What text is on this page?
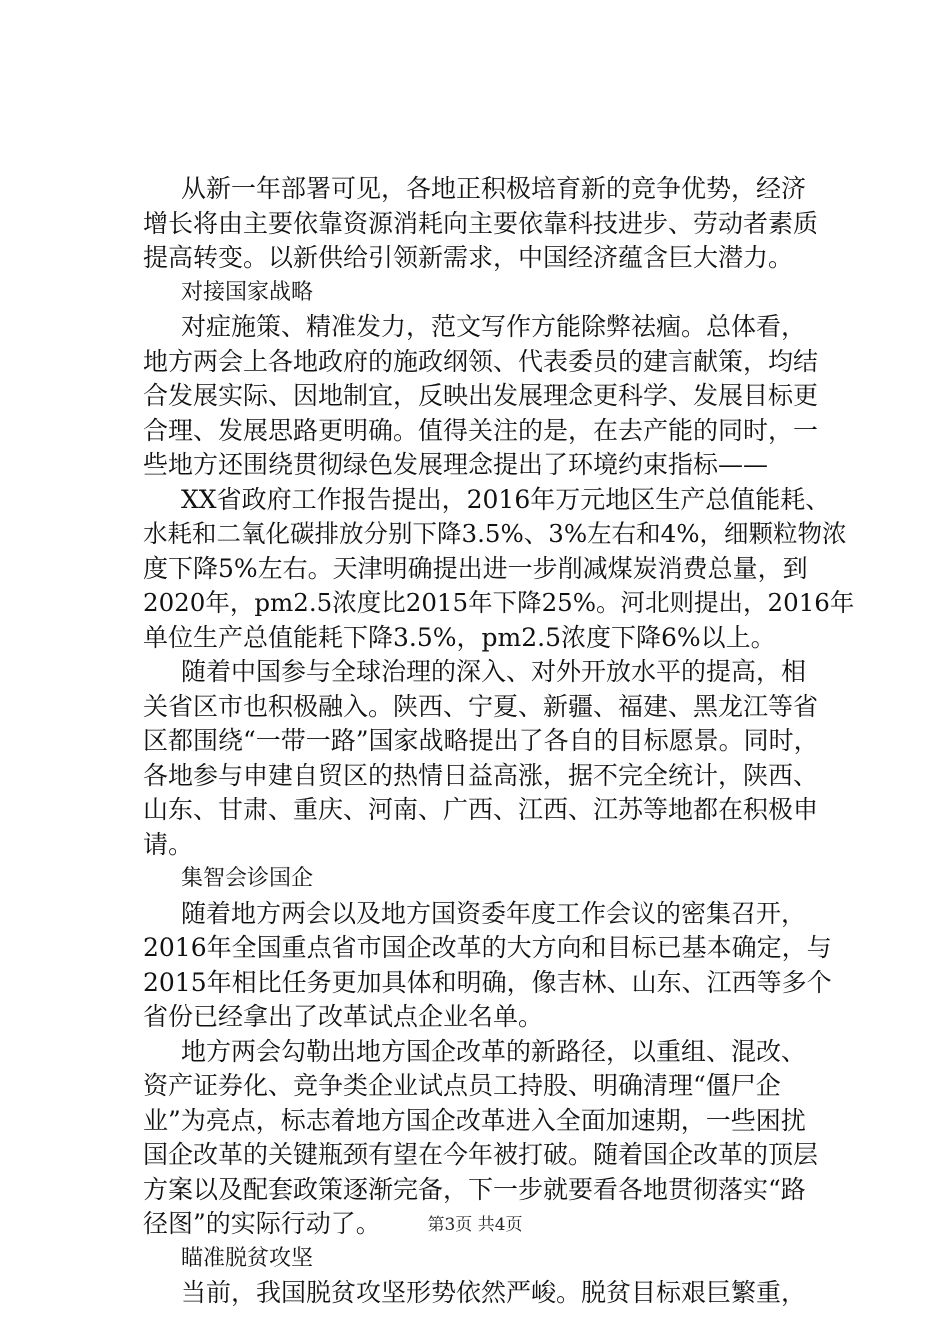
从新一年部署可见，各地正积极培育新的竞争优势，经济
增长将由主要依靠资源消耗向主要依靠科技进步、劳动者素质
提高转变。以新供给引领新需求，中国经济蕴含巨大潜力。
对接国家战略
对症施策、精准发力，范文写作方能除弊祛痼。总体看，
地方两会上各地政府的施政纲领、代表委员的建言献策，均结
合发展实际、因地制宜，反映出发展理念更科学、发展目标更
合理、发展思路更明确。值得关注的是，在去产能的同时，一
些地方还围绕贯彻绿色发展理念提出了环境约束指标——
XX省政府工作报告提出，2016年万元地区生产总值能耗、
水耗和二氧化碳排放分别下降3.5%、3%左右和4%，细颗粒物浓
度下降5%左右。天津明确提出进一步削减煤炭消费总量，到
2020年，pm2.5浓度比2015年下降25%。河北则提出，2016年
单位生产总值能耗下降3.5%，pm2.5浓度下降6%以上。
随着中国参与全球治理的深入、对外开放水平的提高，相
关省区市也积极融入。陕西、宁夏、新疆、福建、黑龙江等省
区都围绕“一带一路”国家战略提出了各自的目标愿景。同时，
各地参与申建自贸区的热情日益高涨，据不完全统计，陕西、
山东、甘肃、重庆、河南、广西、江西、江苏等地都在积极申
请。
集智会诊国企
随着地方两会以及地方国资委年度工作会议的密集召开，
2016年全国重点省市国企改革的大方向和目标已基本确定，与
2015年相比任务更加具体和明确，像吉林、山东、江西等多个
省份已经拿出了改革试点企业名单。
地方两会勾勒出地方国企改革的新路径，以重组、混改、
资产证券化、竞争类企业试点员工持股、明确清理“僵尸企
业”为亮点，标志着地方国企改革进入全面加速期，一些困扰
国企改革的关键瓶颈有望在今年被打破。随着国企改革的顶层
方案以及配套政策逐渐完备，下一步就要看各地贯彻落实“路
径图”的实际行动了。
瞄准脱贫攻坚
当前，我国脱贫攻坚形势依然严峻。脱贫目标艰巨繁重，
第3页 共4页
